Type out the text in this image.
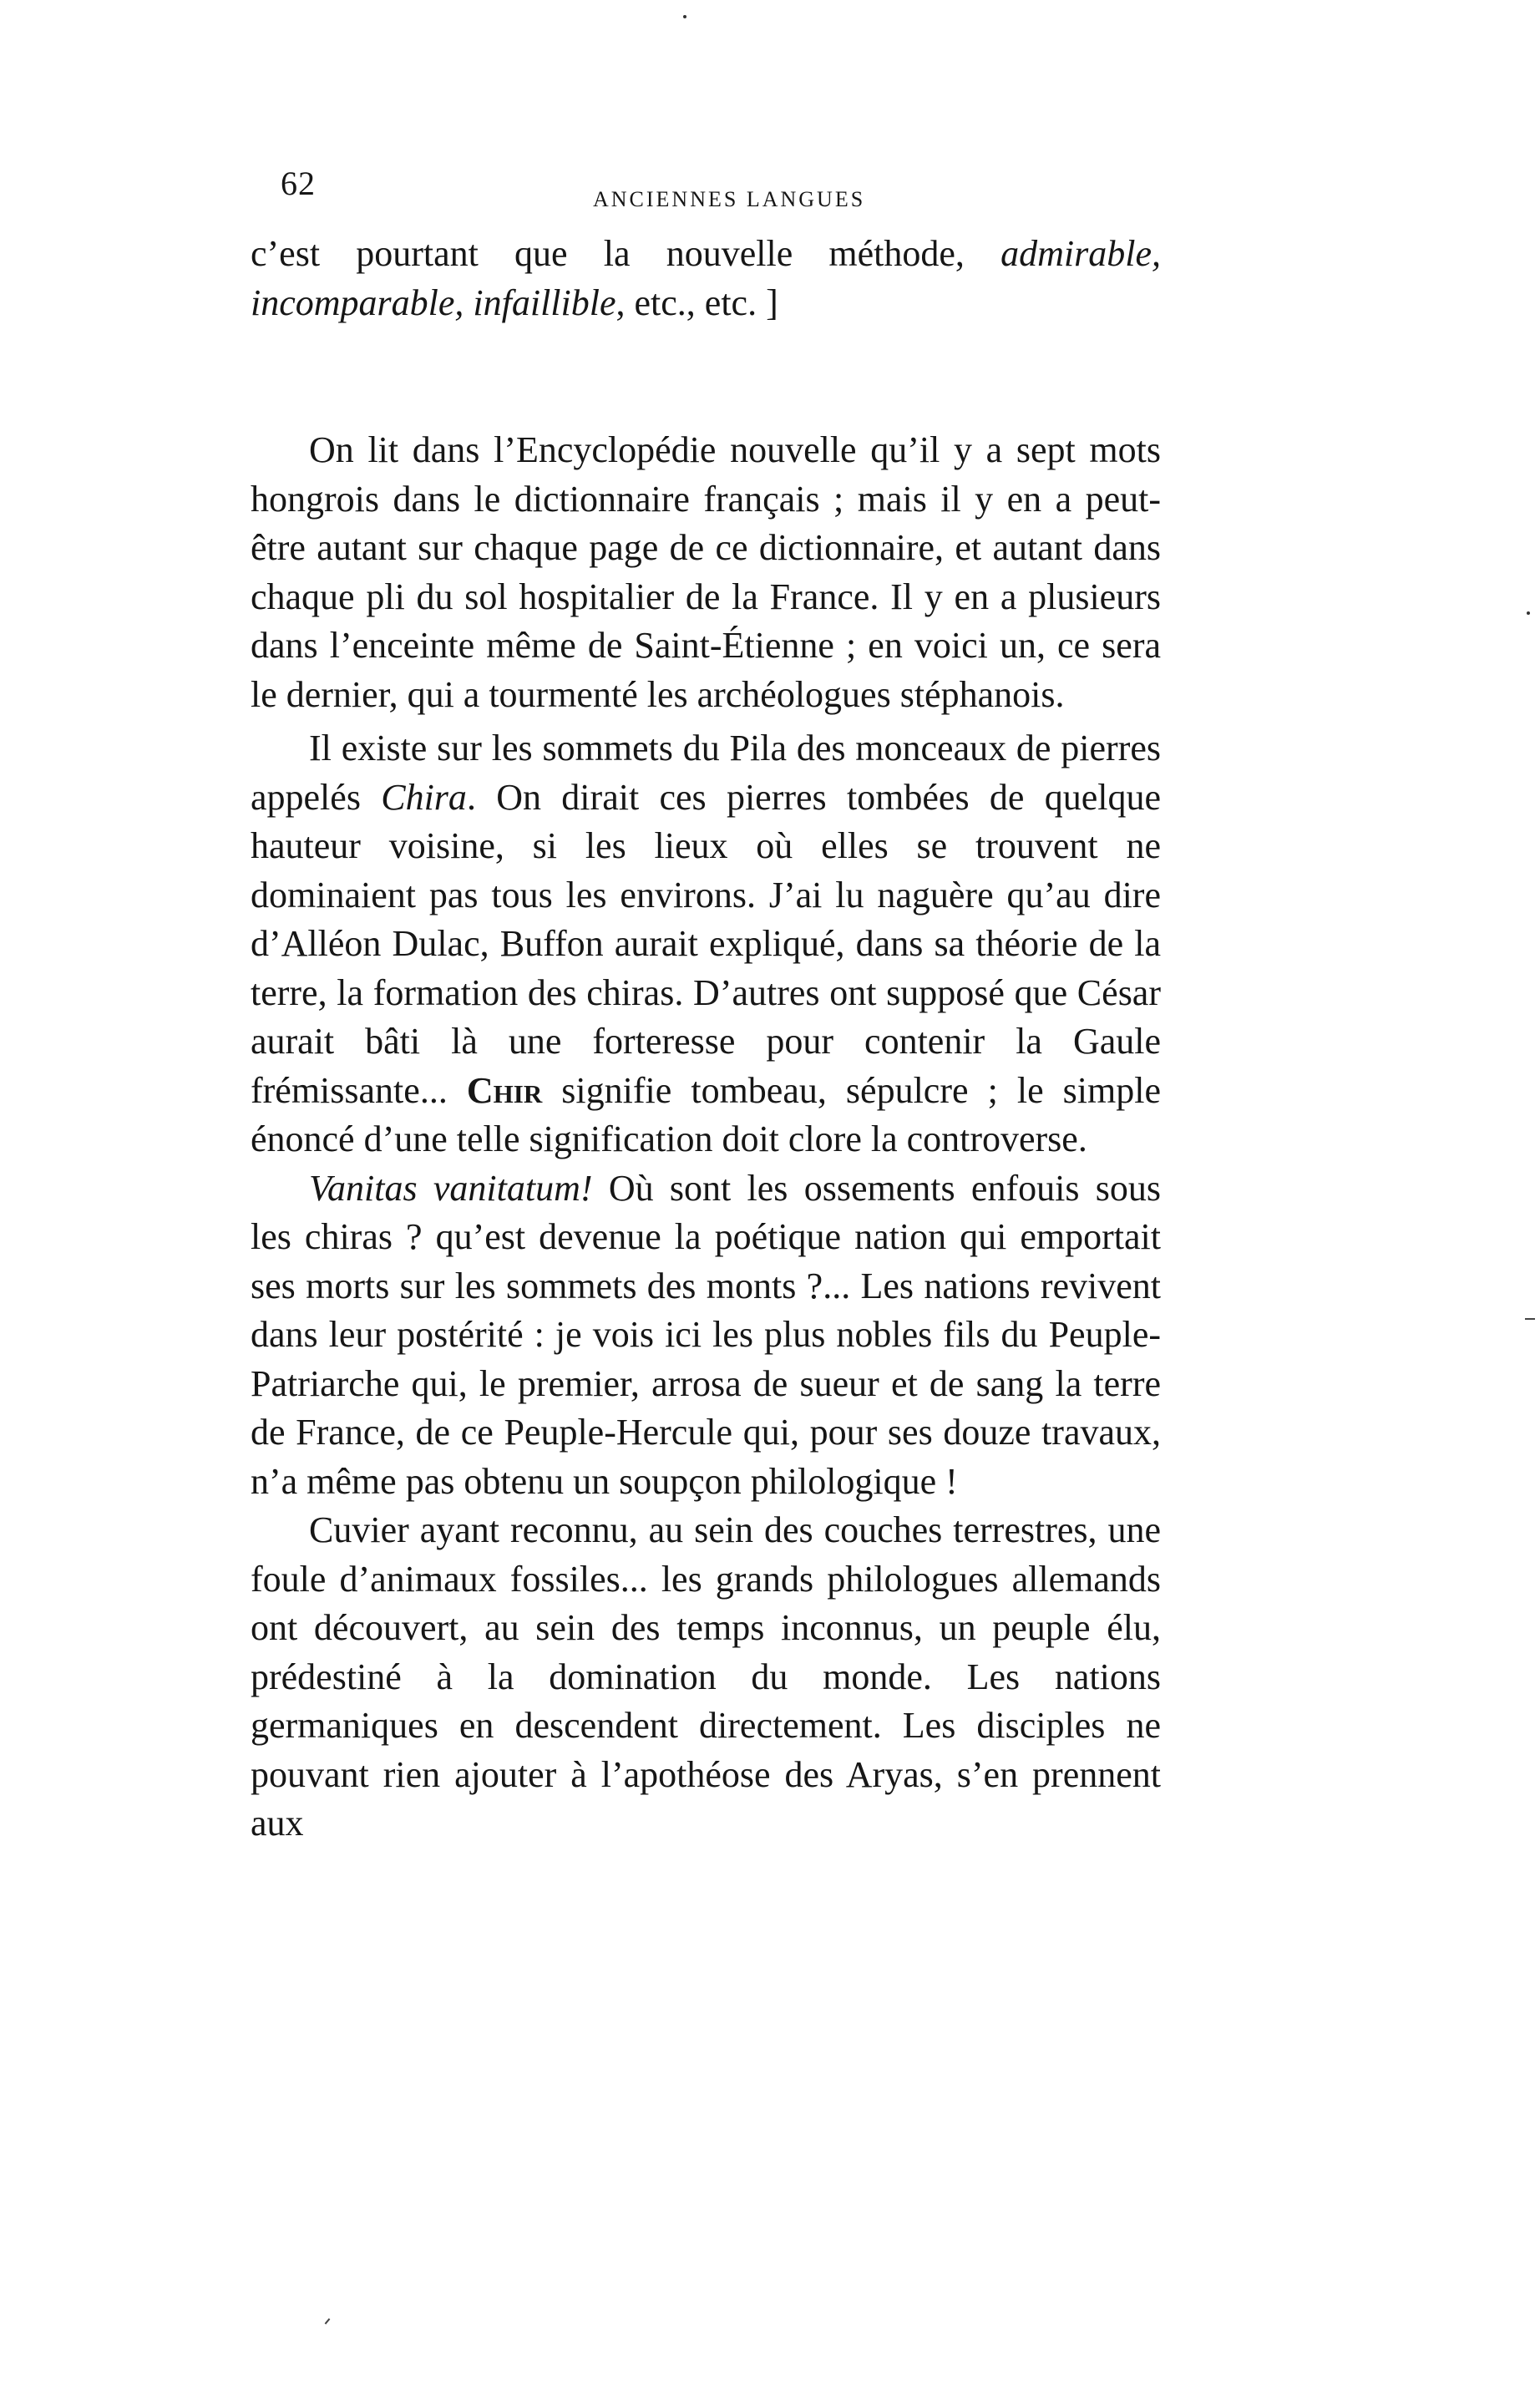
62	ANCIENNES LANGUES

c’est pourtant que la nouvelle méthode, admirable, incomparable, infaillible, etc., etc. ]

On lit dans l’Encyclopédie nouvelle qu’il y a sept mots hongrois dans le dictionnaire français ; mais il y en a peut-être autant sur chaque page de ce dictionnaire, et autant dans chaque pli du sol hospitalier de la France. Il y en a plusieurs dans l’enceinte même de Saint-Étienne ; en voici un, ce sera le dernier, qui a tourmenté les archéologues stéphanois.

Il existe sur les sommets du Pila des monceaux de pierres appelés Chira. On dirait ces pierres tombées de quelque hauteur voisine, si les lieux où elles se trouvent ne dominaient pas tous les environs. J’ai lu naguère qu’au dire d’Alléon Dulac, Buffon aurait expliqué, dans sa théorie de la terre, la formation des chiras. D’autres ont supposé que César aurait bâti là une forteresse pour contenir la Gaule frémissante... Chir signifie tombeau, sépulcre ; le simple énoncé d’une telle signification doit clore la controverse.

Vanitas vanitatum! Où sont les ossements enfouis sous les chiras ? qu’est devenue la poétique nation qui emportait ses morts sur les sommets des monts ?... Les nations revivent dans leur postérité : je vois ici les plus nobles fils du Peuple-Patriarche qui, le premier, arrosa de sueur et de sang la terre de France, de ce Peuple-Hercule qui, pour ses douze travaux, n’a même pas obtenu un soupçon philologique !

Cuvier ayant reconnu, au sein des couches terrestres, une foule d’animaux fossiles... les grands philologues allemands ont découvert, au sein des temps inconnus, un peuple élu, prédestiné à la domination du monde. Les nations germaniques en descendent directement. Les disciples ne pouvant rien ajouter à l’apothéose des Aryas, s’en prennent aux
